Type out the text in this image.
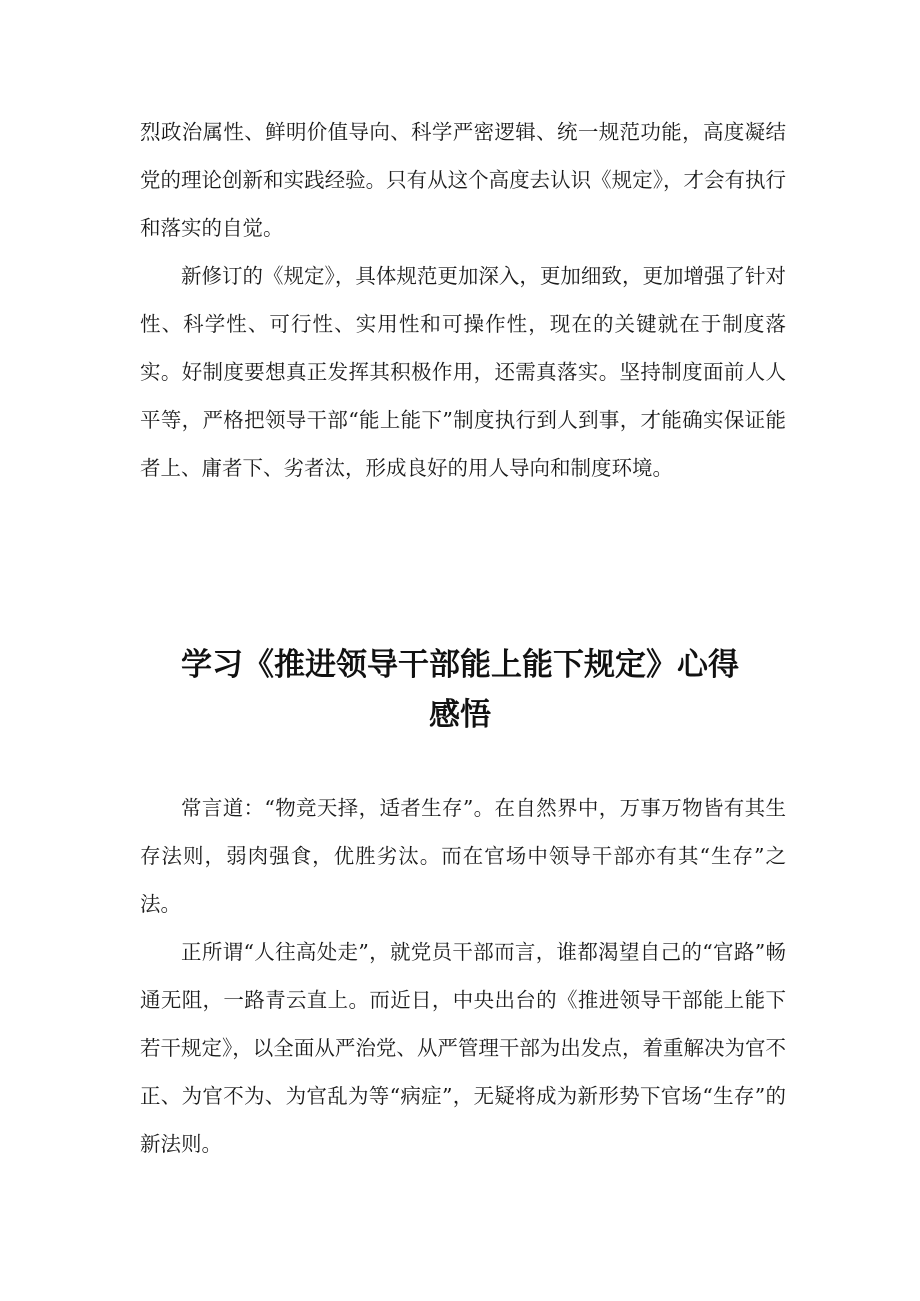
烈政治属性、鲜明价值导向、科学严密逻辑、统一规范功能，高度凝结党的理论创新和实践经验。只有从这个高度去认识《规定》，才会有执行和落实的自觉。

新修订的《规定》，具体规范更加深入，更加细致，更加增强了针对性、科学性、可行性、实用性和可操作性，现在的关键就在于制度落实。好制度要想真正发挥其积极作用，还需真落实。坚持制度面前人人平等，严格把领导干部“能上能下”制度执行到人到事，才能确实保证能者上、庸者下、劣者汰，形成良好的用人导向和制度环境。

学习《推进领导干部能上能下规定》心得
感悟

常言道：“物竞天择，适者生存”。在自然界中，万事万物皆有其生存法则，弱肉强食，优胜劣汰。而在官场中领导干部亦有其“生存”之法。

正所谓“人往高处走”，就党员干部而言，谁都渴望自己的“官路”畅通无阻，一路青云直上。而近日，中央出台的《推进领导干部能上能下若干规定》，以全面从严治党、从严管理干部为出发点，着重解决为官不正、为官不为、为官乱为等“病症”，无疑将成为新形势下官场“生存”的新法则。
